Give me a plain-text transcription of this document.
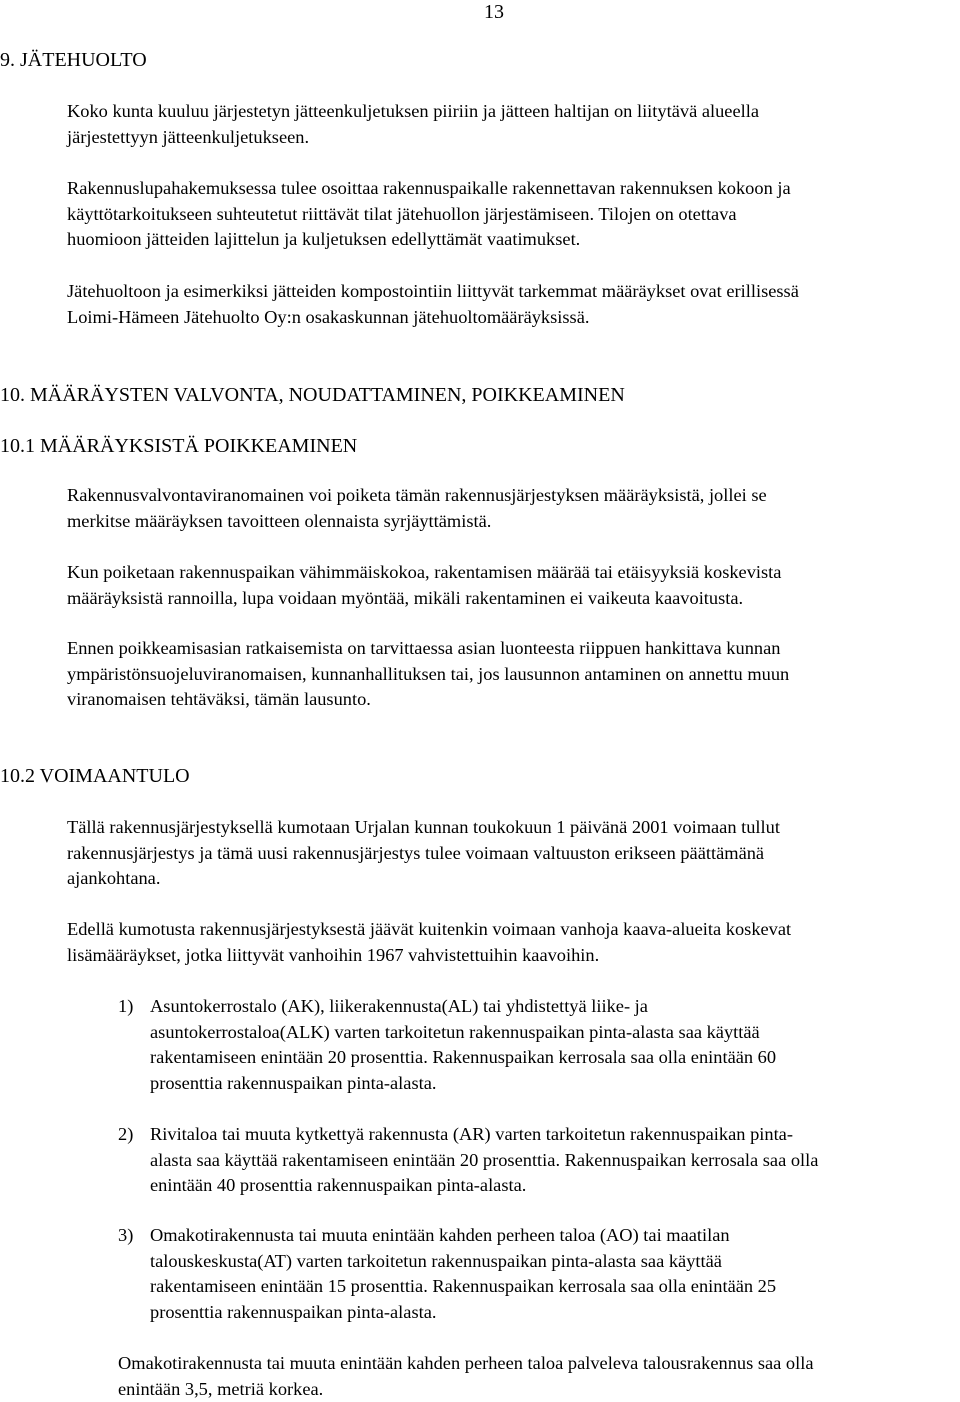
13
9. JÄTEHUOLTO
Koko kunta kuuluu järjestetyn jätteenkuljetuksen piiriin ja jätteen haltijan on liitytävä alueella
järjestettyyn jätteenkuljetukseen.
Rakennuslupahakemuksessa tulee osoittaa rakennuspaikalle rakennettavan rakennuksen kokoon ja
käyttötarkoitukseen suhteutetut riittävät tilat jätehuollon järjestämiseen. Tilojen on otettava
huomioon jätteiden lajittelun ja kuljetuksen edellyttämät vaatimukset.
Jätehuoltoon ja esimerkiksi jätteiden kompostointiin liittyvät tarkemmat määräykset ovat erillisessä
Loimi-Hämeen Jätehuolto Oy:n osakaskunnan jätehuoltomääräyksissä.
10. MÄÄRÄYSTEN VALVONTA, NOUDATTAMINEN, POIKKEAMINEN
10.1 MÄÄRÄYKSISTÄ POIKKEAMINEN
Rakennusvalvontaviranomainen voi poiketa tämän rakennusjärjestyksen määräyksistä, jollei se
merkitse määräyksen tavoitteen olennaista syrjäyttämistä.
Kun poiketaan rakennuspaikan vähimmäiskokoa, rakentamisen määrää tai etäisyyksiä koskevista
määräyksistä rannoilla, lupa voidaan myöntää, mikäli rakentaminen ei vaikeuta kaavoitusta.
Ennen poikkeamisasian ratkaisemista on tarvittaessa asian luonteesta riippuen hankittava kunnan
ympäristönsuojeluviranomaisen, kunnanhallituksen tai, jos lausunnon antaminen on annettu muun
viranomaisen tehtäväksi, tämän lausunto.
10.2 VOIMAANTULO
Tällä rakennusjärjestyksellä kumotaan Urjalan kunnan toukokuun 1 päivänä 2001 voimaan tullut
rakennusjärjestys ja tämä uusi rakennusjärjestys tulee voimaan valtuuston erikseen päättämänä
ajankohtana.
Edellä kumotusta rakennusjärjestyksestä jäävät kuitenkin voimaan vanhoja kaava-alueita koskevat
lisämääräykset, jotka liittyvät vanhoihin 1967 vahvistettuihin kaavoihin.
1) Asuntokerrostalo (AK), liikerakennusta(AL) tai yhdistettyä liike- ja
asuntokerrostaloa(ALK) varten tarkoitetun rakennuspaikan pinta-alasta saa käyttää
rakentamiseen enintään 20 prosenttia. Rakennuspaikan kerrosala saa olla enintään 60
prosenttia rakennuspaikan pinta-alasta.
2) Rivitaloa tai muuta kytkettyä rakennusta (AR) varten tarkoitetun rakennuspaikan pinta-
alasta saa käyttää rakentamiseen enintään 20 prosenttia. Rakennuspaikan kerrosala saa olla
enintään 40 prosenttia rakennuspaikan pinta-alasta.
3) Omakotirakennusta tai muuta enintään kahden perheen taloa (AO) tai maatilan
talouskeskusta(AT) varten tarkoitetun rakennuspaikan pinta-alasta saa käyttää
rakentamiseen enintään 15 prosenttia. Rakennuspaikan kerrosala saa olla enintään 25
prosenttia rakennuspaikan pinta-alasta.
Omakotirakennusta tai muuta enintään kahden perheen taloa palveleva talousrakennus saa olla
enintään 3,5, metriä korkea.
